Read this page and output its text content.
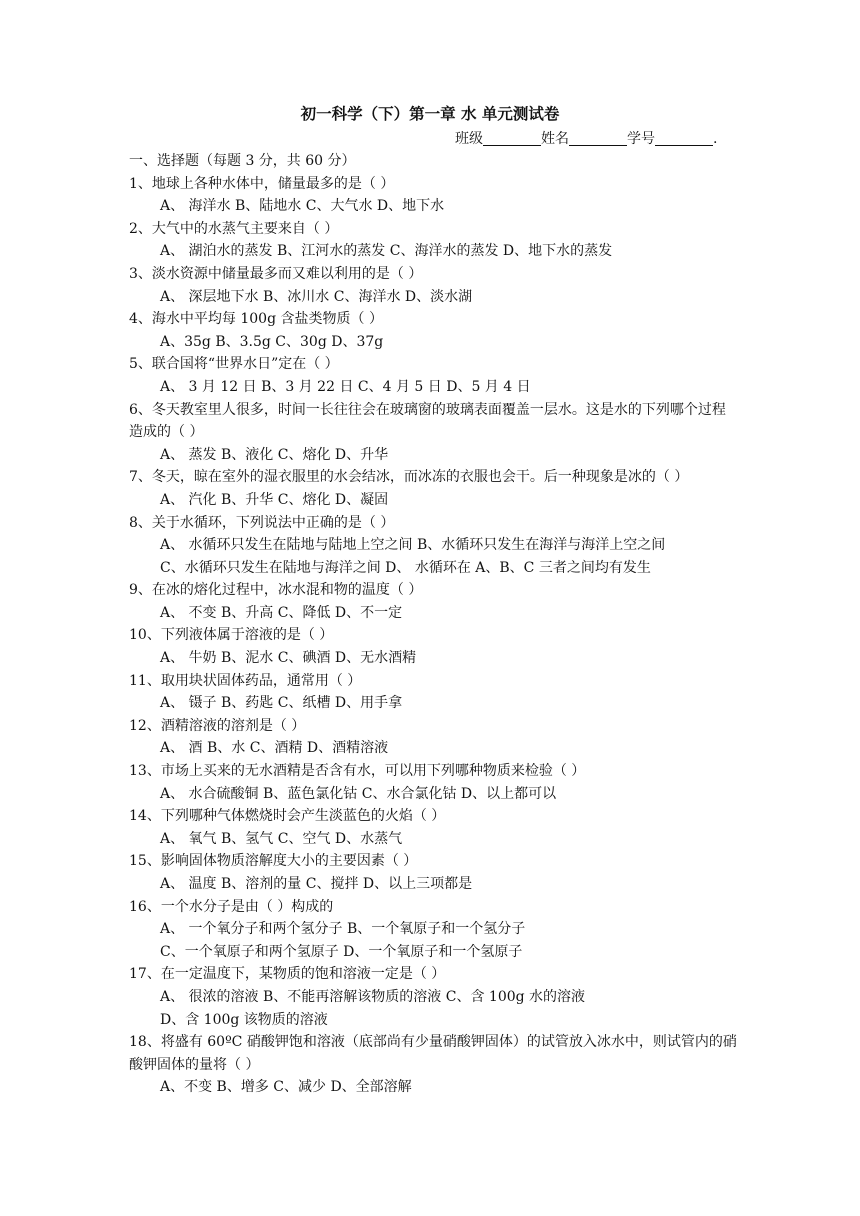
初一科学（下）第一章 水 单元测试卷
班级	姓名	学号	.

一、选择题（每题 3 分，共 60 分）

1、地球上各种水体中，储量最多的是（ ）

A、 海洋水 B、陆地水 C、大气水 D、地下水

2、大气中的水蒸气主要来自（ ）

A、 湖泊水的蒸发 B、江河水的蒸发 C、海洋水的蒸发 D、地下水的蒸发

3、淡水资源中储量最多而又难以利用的是（ ）

A、 深层地下水 B、冰川水 C、海洋水 D、淡水湖

4、海水中平均每 100g 含盐类物质（ ）

A、35g B、3.5g C、30g D、37g

5、联合国将“世界水日”定在（ ）

A、 3 月 12 日 B、3 月 22 日 C、4 月 5 日 D、5 月 4 日

6、冬天教室里人很多，时间一长往往会在玻璃窗的玻璃表面覆盖一层水。这是水的下列哪个过程造成的（ ）

A、 蒸发 B、液化 C、熔化 D、升华

7、冬天，晾在室外的湿衣服里的水会结冰，而冰冻的衣服也会干。后一种现象是冰的（ ）

A、 汽化 B、升华 C、熔化 D、凝固

8、关于水循环，下列说法中正确的是（ ）

A、 水循环只发生在陆地与陆地上空之间 B、水循环只发生在海洋与海洋上空之间

C、水循环只发生在陆地与海洋之间 D、 水循环在 A、B、C 三者之间均有发生

9、在冰的熔化过程中，冰水混和物的温度（ ）

A、 不变 B、升高 C、降低 D、不一定

10、下列液体属于溶液的是（ ）

A、 牛奶 B、泥水 C、碘酒 D、无水酒精

11、取用块状固体药品，通常用（ ）

A、 镊子 B、药匙 C、纸槽 D、用手拿

12、酒精溶液的溶剂是（ ）

A、 酒 B、水 C、酒精 D、酒精溶液

13、市场上买来的无水酒精是否含有水，可以用下列哪种物质来检验（ ）

A、 水合硫酸铜 B、蓝色氯化钴 C、水合氯化钴 D、以上都可以

14、下列哪种气体燃烧时会产生淡蓝色的火焰（ ）

A、 氧气 B、氢气 C、空气 D、水蒸气

15、影响固体物质溶解度大小的主要因素（ ）

A、 温度 B、溶剂的量 C、搅拌 D、以上三项都是

16、一个水分子是由（ ）构成的

A、 一个氧分子和两个氢分子 B、一个氧原子和一个氢分子

C、一个氧原子和两个氢原子 D、一个氧原子和一个氢原子

17、在一定温度下，某物质的饱和溶液一定是（ ）

A、 很浓的溶液 B、不能再溶解该物质的溶液 C、含 100g 水的溶液

D、含 100g 该物质的溶液

18、将盛有 60ºC 硝酸钾饱和溶液（底部尚有少量硝酸钾固体）的试管放入冰水中，则试管内的硝酸钾固体的量将（ ）

A、不变 B、增多 C、减少 D、全部溶解
